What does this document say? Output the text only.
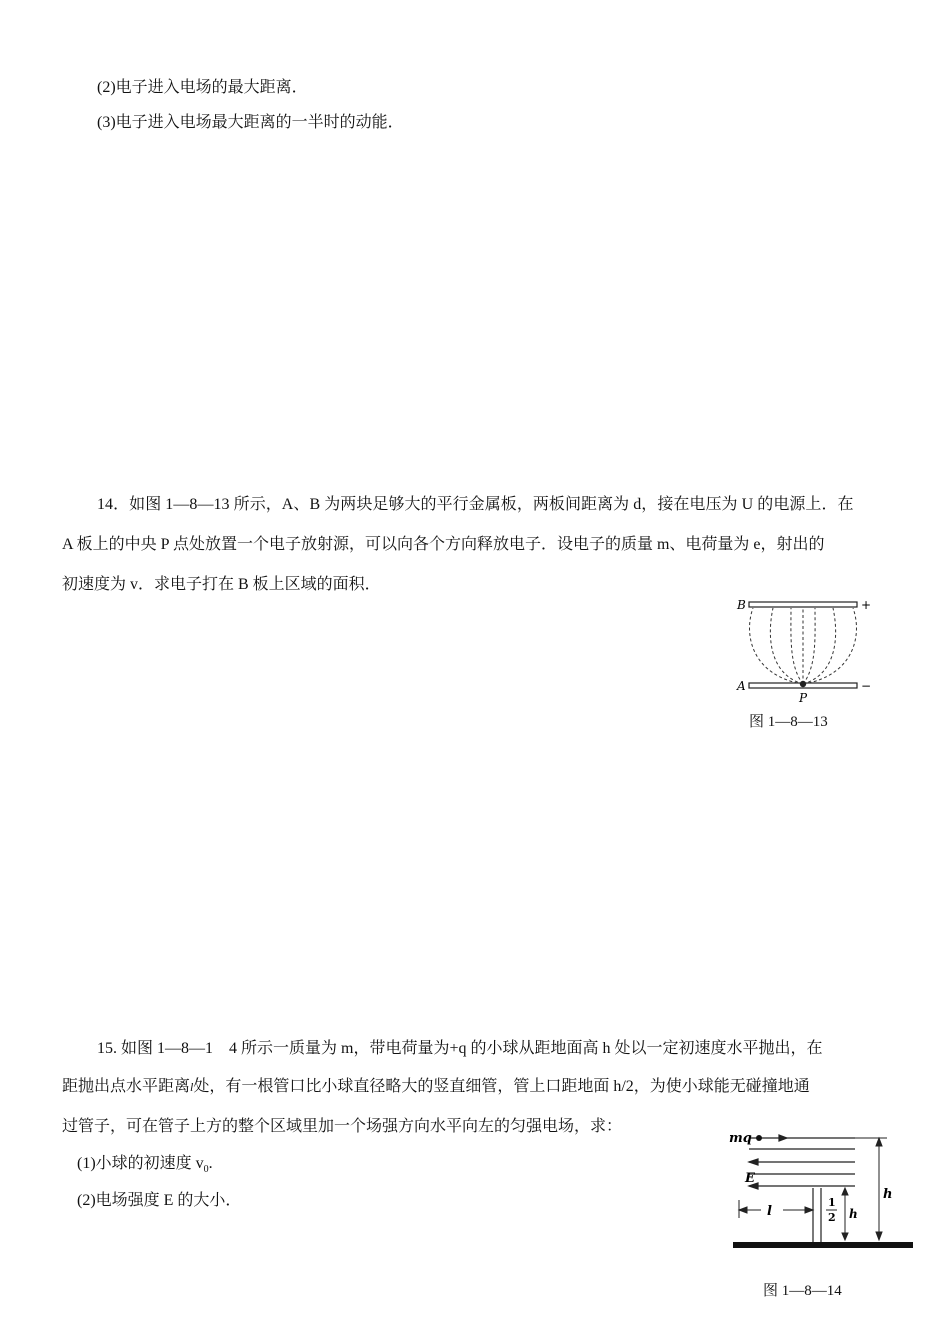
(2)电子进入电场的最大距离．
(3)电子进入电场最大距离的一半时的动能．
14．如图 1—8—13 所示，A、B 为两块足够大的平行金属板，两板间距离为 d，接在电压为 U 的电源上．在
A 板上的中央 P 点处放置一个电子放射源，可以向各个方向释放电子．设电子的质量 m、电荷量为 e，射出的
初速度为 v．求电子打在 B 板上区域的面积．
B
A
P
+
−
图 1—8—13
15. 如图 1—8—1　4 所示一质量为 m，带电荷量为+q 的小球从距地面高 h 处以一定初速度水平抛出，在
距抛出点水平距离l处，有一根管口比小球直径略大的竖直细管，管上口距地面 h/2，为使小球能无碰撞地通
过管子，可在管子上方的整个区域里加一个场强方向水平向左的匀强电场，求：
(1)小球的初速度 $v_0$.
(2)电场强度 E 的大小．
mq
E
h
l
1
2 h
图 1—8—14
